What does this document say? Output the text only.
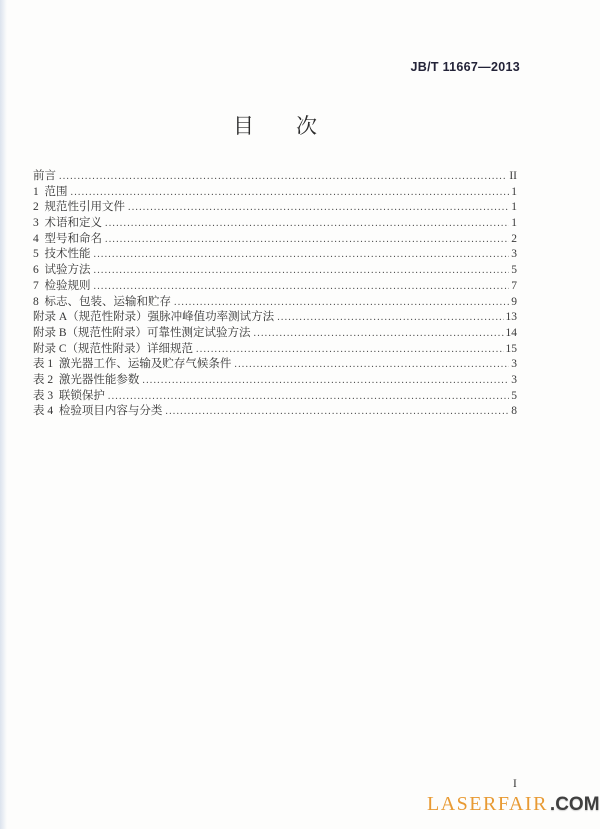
JB/T 11667—2013
目　　次
前言 .....	II
1  范围 .....	1
2  规范性引用文件 .....	1
3  术语和定义 .....	1
4  型号和命名 .....	2
5  技术性能 .....	3
6  试验方法 .....	5
7  检验规则 .....	7
8  标志、包装、运输和贮存 .....	9
附录 A（规范性附录）强脉冲峰值功率测试方法 .....	13
附录 B（规范性附录）可靠性测定试验方法 .....	14
附录 C（规范性附录）详细规范 .....	15
表 1  激光器工作、运输及贮存气候条件 .....	3
表 2  激光器性能参数 .....	3
表 3  联锁保护 .....	5
表 4  检验项目内容与分类 .....	8
I
LASERFAIR .COM
